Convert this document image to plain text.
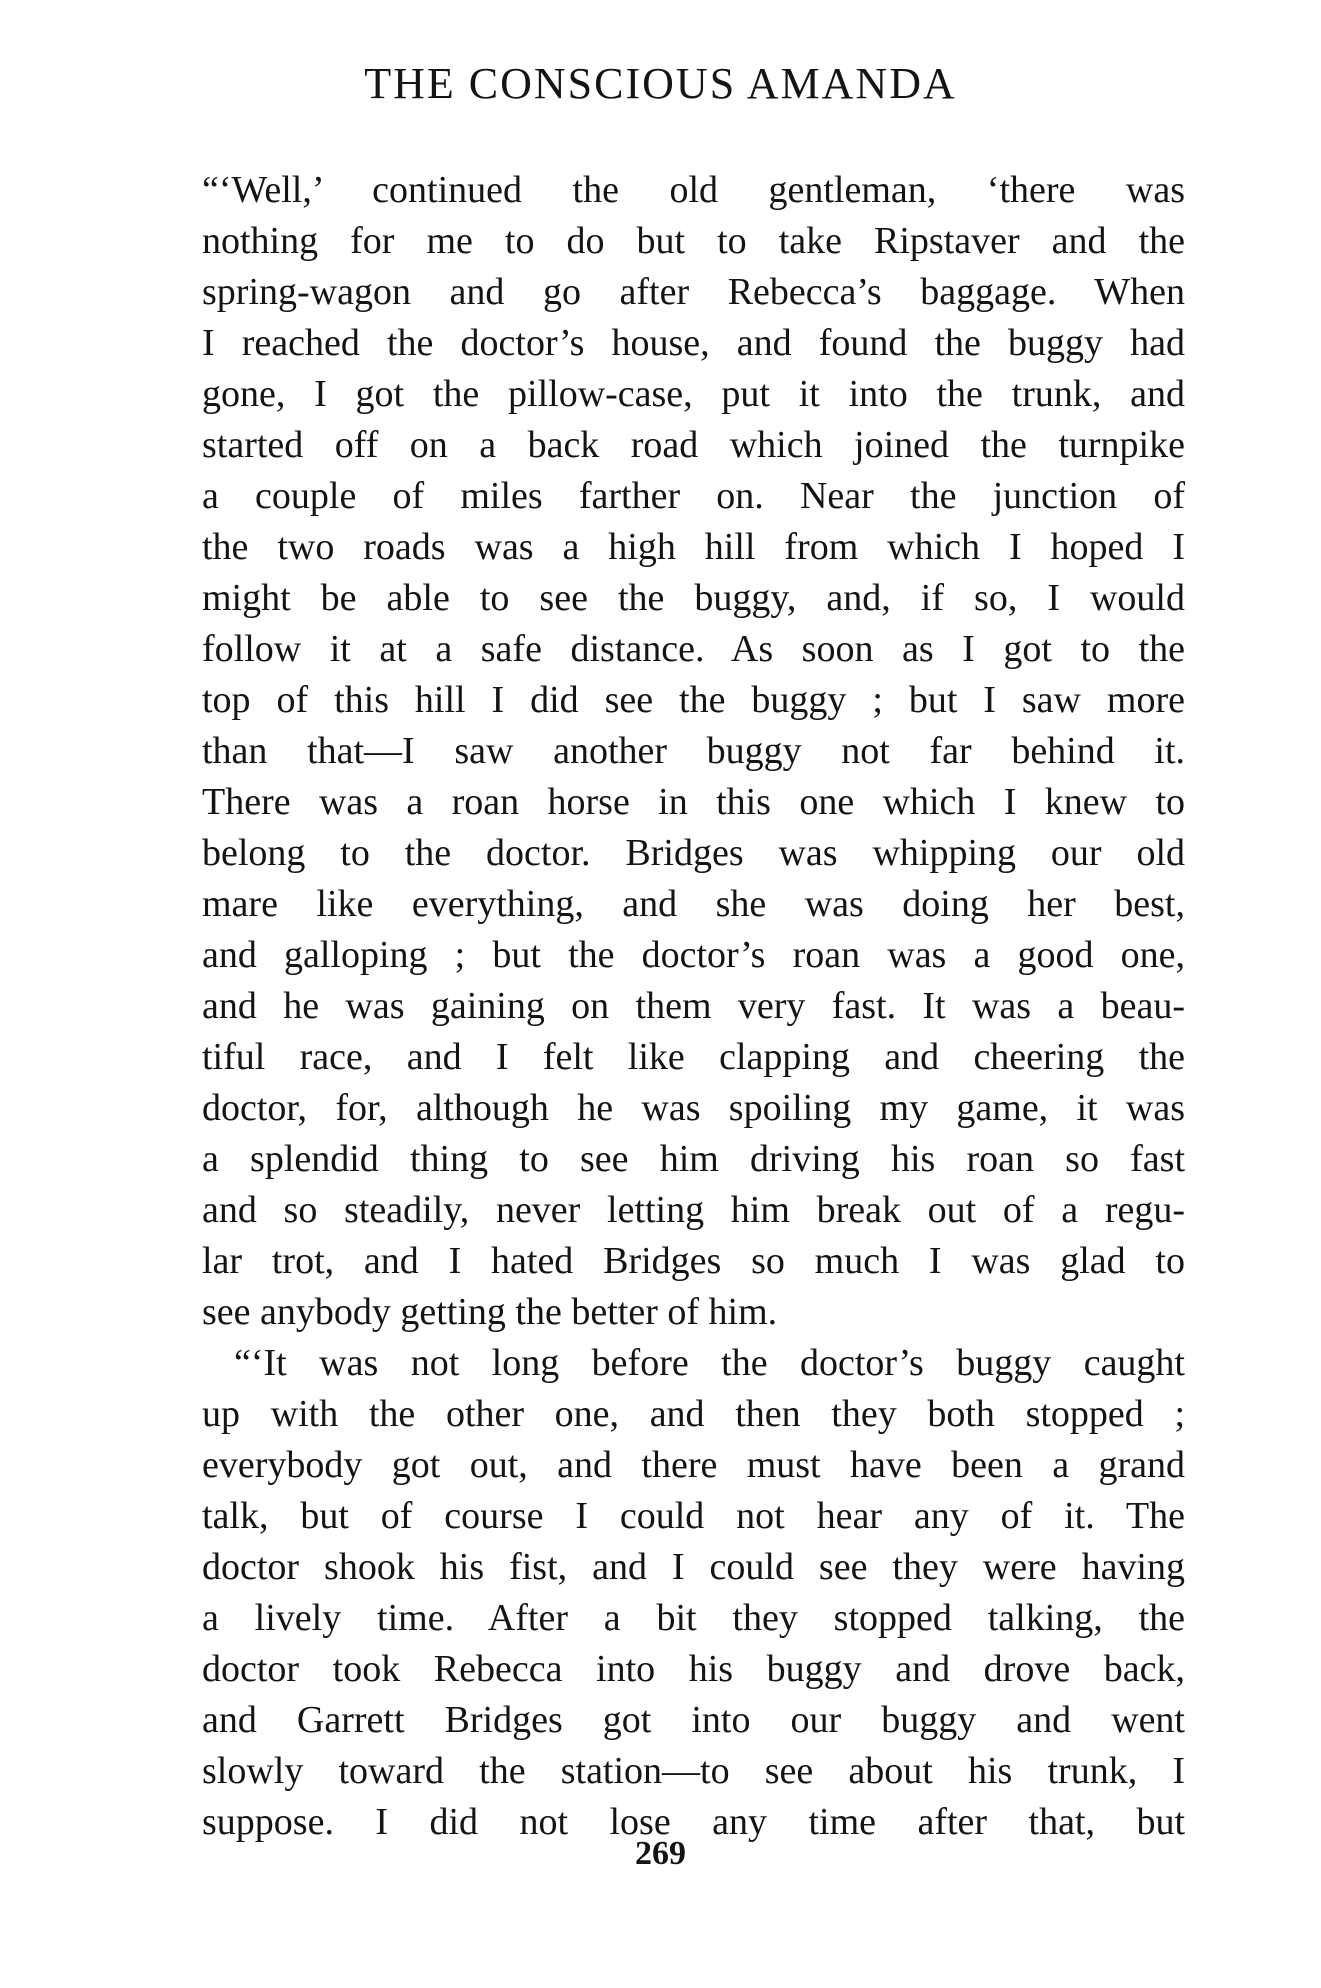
THE CONSCIOUS AMANDA
“‘Well,’ continued the old gentleman, ‘there was
nothing for me to do but to take Ripstaver and the
spring-wagon and go after Rebecca’s baggage. When
I reached the doctor’s house, and found the buggy had
gone, I got the pillow-case, put it into the trunk, and
started off on a back road which joined the turnpike
a couple of miles farther on. Near the junction of
the two roads was a high hill from which I hoped I
might be able to see the buggy, and, if so, I would
follow it at a safe distance. As soon as I got to the
top of this hill I did see the buggy ; but I saw more
than that—I saw another buggy not far behind it.
There was a roan horse in this one which I knew to
belong to the doctor. Bridges was whipping our old
mare like everything, and she was doing her best,
and galloping ; but the doctor’s roan was a good one,
and he was gaining on them very fast. It was a beau-
tiful race, and I felt like clapping and cheering the
doctor, for, although he was spoiling my game, it was
a splendid thing to see him driving his roan so fast
and so steadily, never letting him break out of a regu-
lar trot, and I hated Bridges so much I was glad to
see anybody getting the better of him.
“‘It was not long before the doctor’s buggy caught
up with the other one, and then they both stopped ;
everybody got out, and there must have been a grand
talk, but of course I could not hear any of it. The
doctor shook his fist, and I could see they were having
a lively time. After a bit they stopped talking, the
doctor took Rebecca into his buggy and drove back,
and Garrett Bridges got into our buggy and went
slowly toward the station—to see about his trunk, I
suppose. I did not lose any time after that, but
269
